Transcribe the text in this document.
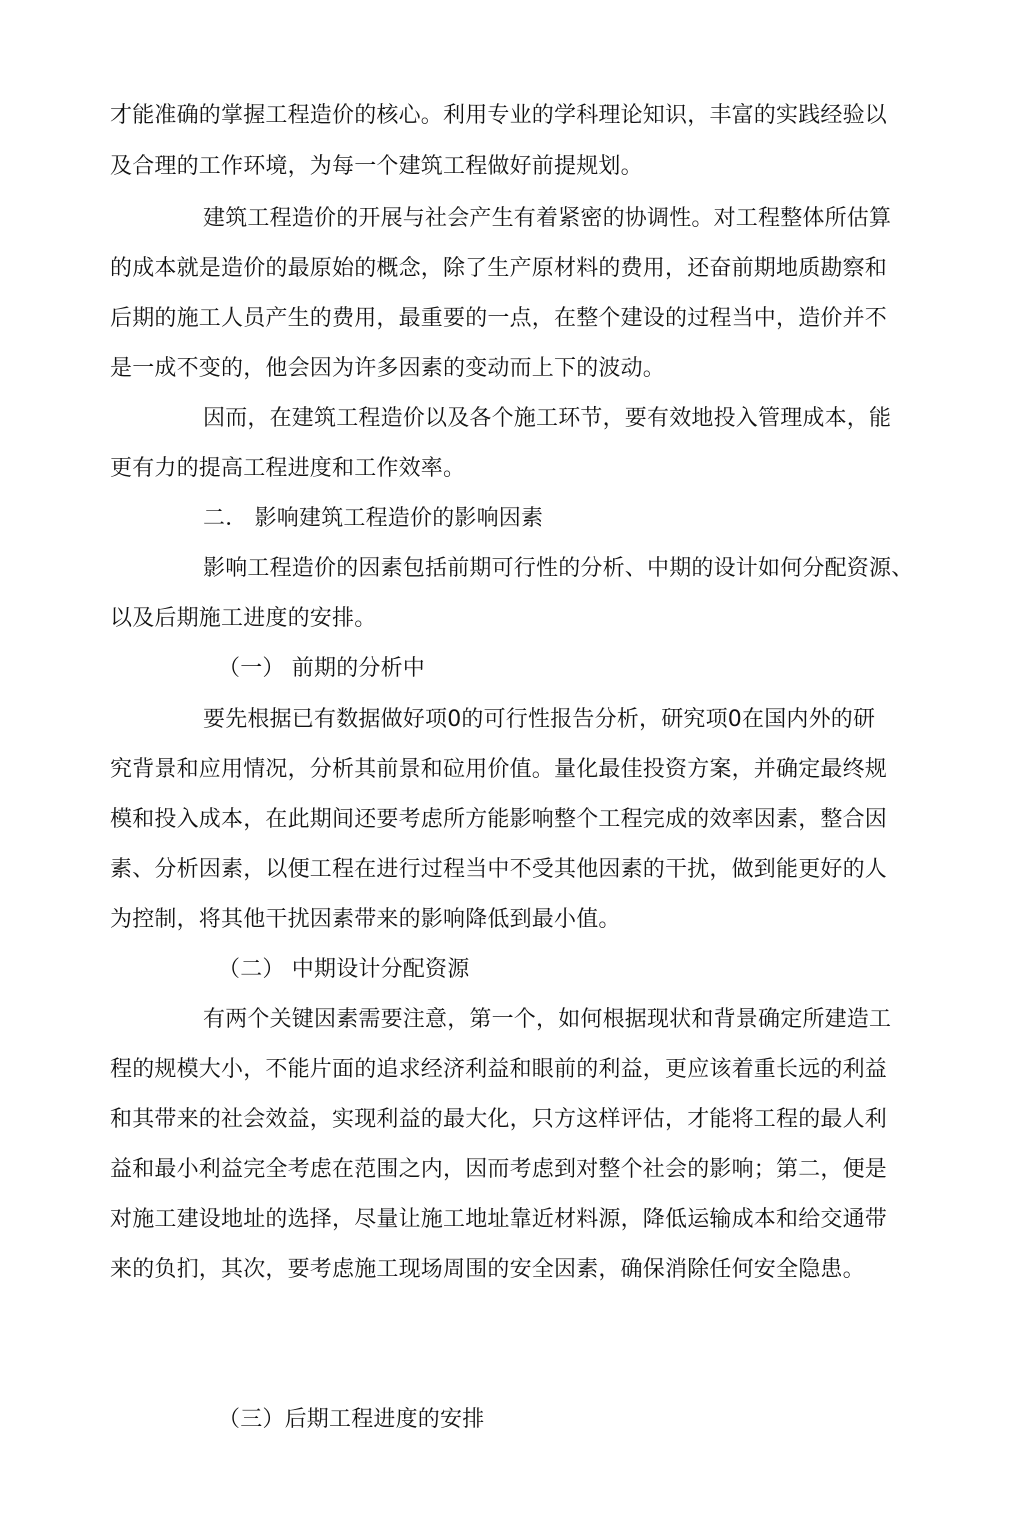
才能准确的掌握工程造价的核心。利用专业的学科理论知识，丰富的实践经验以
及合理的工作环境，为每一个建筑工程做好前提规划。
建筑工程造价的开展与社会产生有着紧密的协调性。对工程整体所估算
的成本就是造价的最原始的概念，除了生产原材料的费用，还奋前期地质勘察和
后期的施工人员产生的费用，最重要的一点，在整个建设的过程当中，造价并不
是一成不变的，他会因为许多因素的变动而上下的波动。
因而，在建筑工程造价以及各个施工环节，要有效地投入管理成本，能
更有力的提高工程进度和工作效率。
二． 影响建筑工程造价的影响因素
影响工程造价的因素包括前期可行性的分析、中期的设计如何分配资源、
以及后期施工进度的安排。
（一） 前期的分析中
要先根据已有数据做好项0的可行性报告分析，研究项0在国内外的研
究背景和应用情况，分析其前景和砬用价值。量化最佳投资方案，并确定最终规
模和投入成本，在此期间还要考虑所方能影响整个工程完成的效率因素，整合因
素、分析因素，以便工程在进行过程当中不受其他因素的干扰，做到能更好的人
为控制，将其他干扰因素带来的影响降低到最小值。
（二） 中期设计分配资源
有两个关键因素需要注意，第一个，如何根据现状和背景确定所建造工
程的规模大小，不能片面的追求经济利益和眼前的利益，更应该着重长远的利益
和其带来的社会效益，实现利益的最大化，只方这样评估，才能将工程的最人利
益和最小利益完全考虑在范围之内，因而考虑到对整个社会的影响；第二，便是
对施工建设地址的选择，尽量让施工地址靠近材料源，降低运输成本和给交通带
来的负扪，其次，要考虑施工现场周围的安全因素，确保消除任何安全隐患。
（三）后期工程进度的安排
